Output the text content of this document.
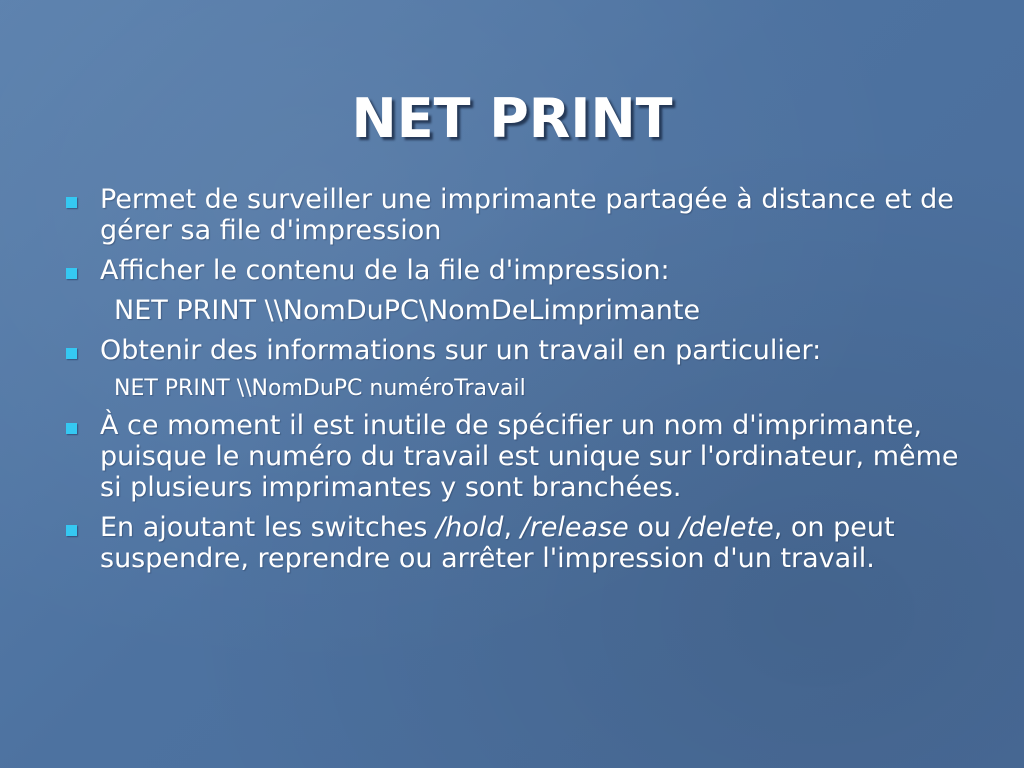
NET PRINT
Permet de surveiller une imprimante partagée à distance et de gérer sa file d'impression
Afficher le contenu de la file d'impression:
NET PRINT \\NomDuPC\NomDeLimprimante
Obtenir des informations sur un travail en particulier:
NET PRINT \\NomDuPC numéroTravail
À ce moment il est inutile de spécifier un nom d'imprimante, puisque le numéro du travail est unique sur l'ordinateur, même si plusieurs imprimantes y sont branchées.
En ajoutant les switches /hold, /release ou /delete, on peut suspendre, reprendre ou arrêter l'impression d'un travail.
